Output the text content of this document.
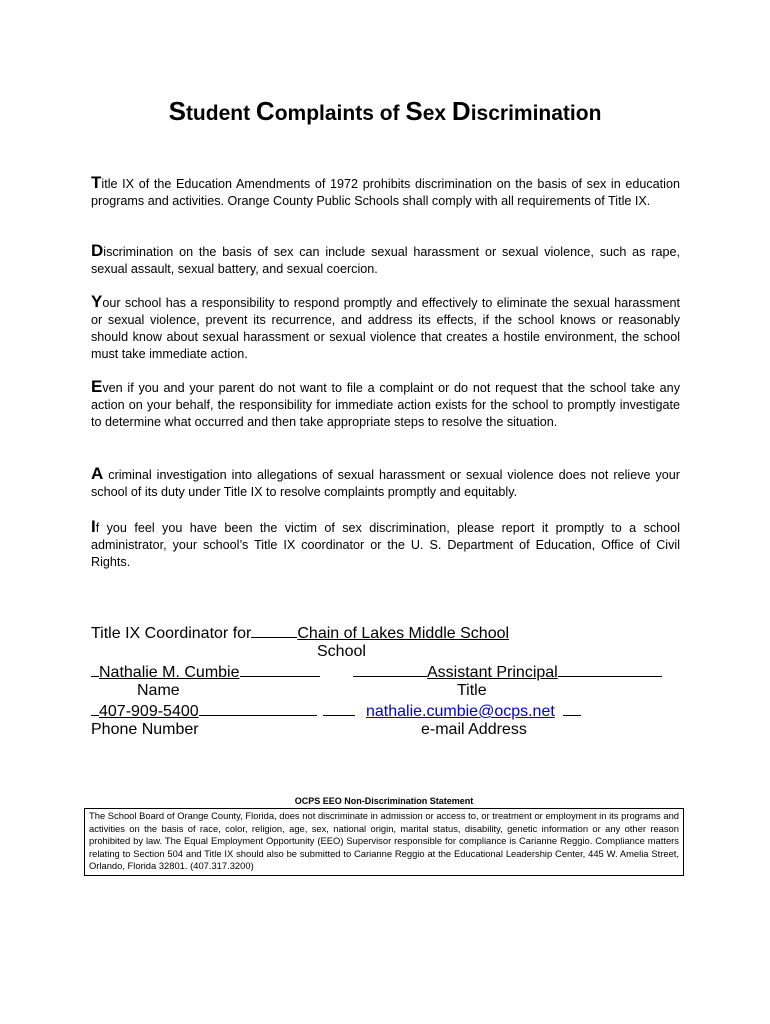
Student Complaints of Sex Discrimination

Title IX of the Education Amendments of 1972 prohibits discrimination on the basis of sex in education programs and activities. Orange County Public Schools shall comply with all requirements of Title IX.

Discrimination on the basis of sex can include sexual harassment or sexual violence, such as rape, sexual assault, sexual battery, and sexual coercion.

Your school has a responsibility to respond promptly and effectively to eliminate the sexual harassment or sexual violence, prevent its recurrence, and address its effects, if the school knows or reasonably should know about sexual harassment or sexual violence that creates a hostile environment, the school must take immediate action.

Even if you and your parent do not want to file a complaint or do not request that the school take any action on your behalf, the responsibility for immediate action exists for the school to promptly investigate to determine what occurred and then take appropriate steps to resolve the situation.

A criminal investigation into allegations of sexual harassment or sexual violence does not relieve your school of its duty under Title IX to resolve complaints promptly and equitably.

If you feel you have been the victim of sex discrimination, please report it promptly to a school administrator, your school’s Title IX coordinator or the U. S. Department of Education, Office of Civil Rights.

Title IX Coordinator for	Chain of Lakes Middle School
School
Nathalie M. Cumbie	Assistant Principal
Name	Title
407-909-5400	nathalie.cumbie@ocps.net
Phone Number	e-mail Address
OCPS EEO Non-Discrimination Statement
The School Board of Orange County, Florida, does not discriminate in admission or access to, or treatment or employment in its programs and activities on the basis of race, color, religion, age, sex, national origin, marital status, disability, genetic information or any other reason prohibited by law. The Equal Employment Opportunity (EEO) Supervisor responsible for compliance is Carianne Reggio. Compliance matters relating to Section 504 and Title IX should also be submitted to Carianne Reggio at the Educational Leadership Center, 445 W. Amelia Street, Orlando, Florida 32801. (407.317.3200)
